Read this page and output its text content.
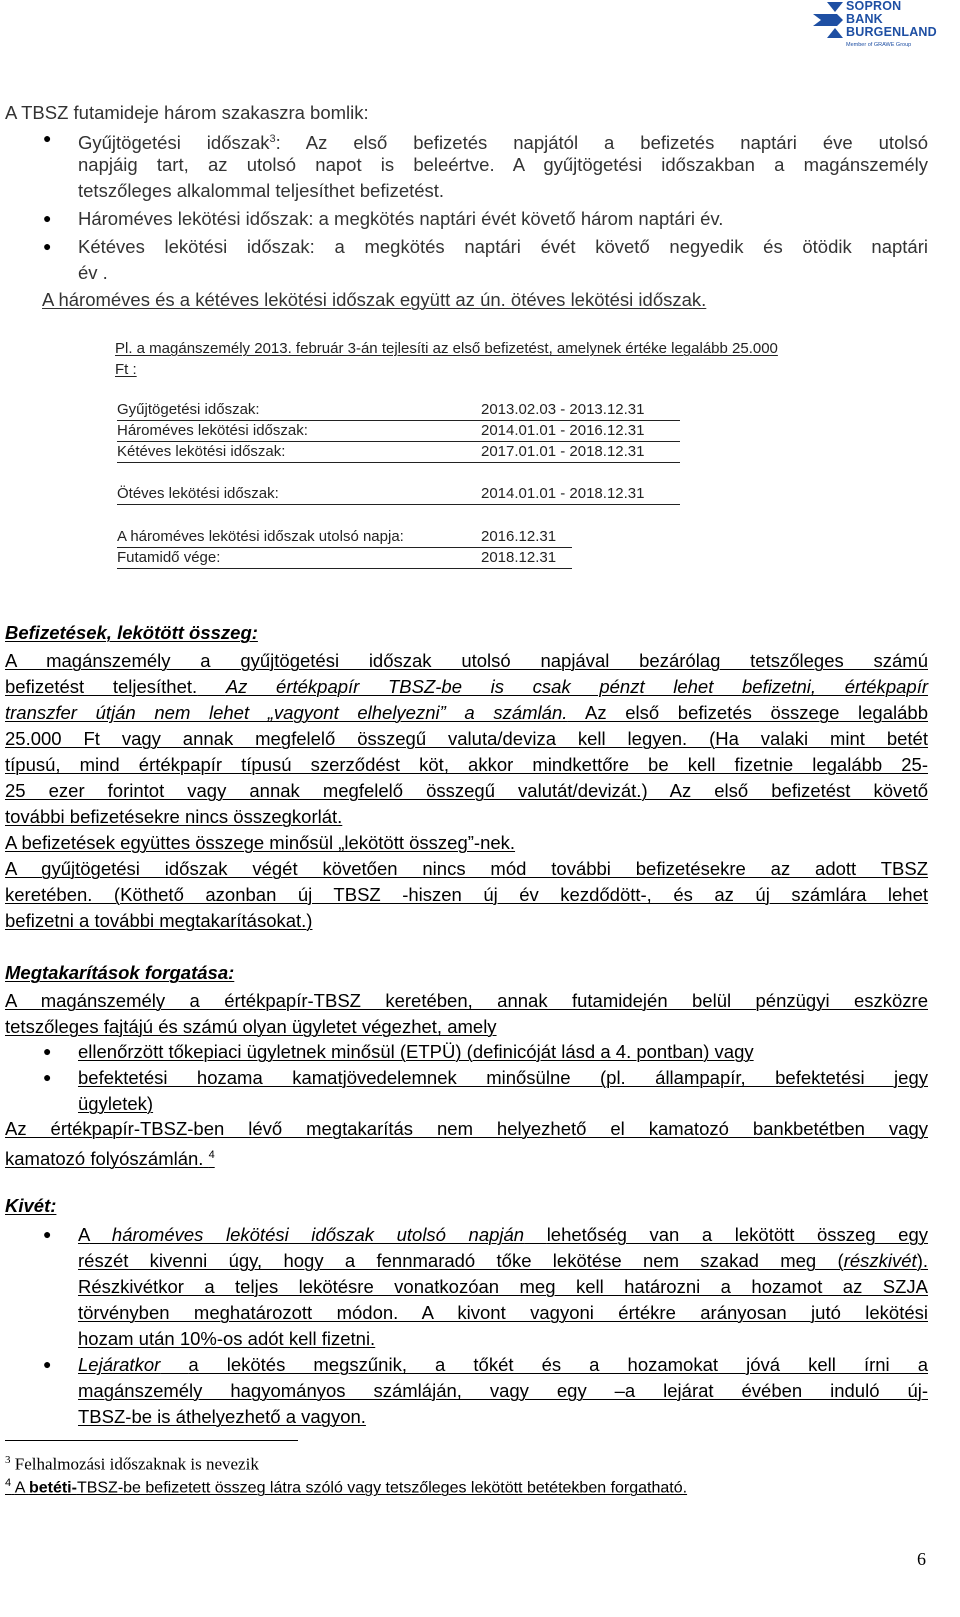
SOPRON
BANK
BURGENLAND
Member of GRAWE Group
A TBSZ futamideje három szakaszra bomlik:
● Gyűjtögetési időszak$^3$: Az első befizetés napjától a befizetés naptári éve utolsó
napjáig tart, az utolsó napot is beleértve. A gyűjtögetési időszakban a magánszemély
tetszőleges alkalommal teljesíthet befizetést.
● Hároméves lekötési időszak: a megkötés naptári évét követő három naptári év.
● Kétéves lekötési időszak: a megkötés naptári évét követő negyedik és ötödik naptári
év .
A hároméves és a kétéves lekötési időszak együtt az ún. ötéves lekötési időszak.
Pl. a magánszemély 2013. február 3-án tejlesíti az első befizetést, amelynek értéke legalább 25.000
Ft :
Gyűjtögetési időszak:	2013.02.03 - 2013.12.31
Hároméves lekötési időszak:	2014.01.01 - 2016.12.31
Kétéves lekötési időszak:	2017.01.01 - 2018.12.31
Ötéves lekötési időszak:	2014.01.01 - 2018.12.31
A hároméves lekötési időszak utolsó napja:	2016.12.31
Futamidő vége:	2018.12.31
Befizetések, lekötött összeg:
A magánszemély a gyűjtögetési időszak utolsó napjával bezárólag tetszőleges számú
befizetést teljesíthet. Az értékpapír TBSZ-be is csak pénzt lehet befizetni, értékpapír
transzfer útján nem lehet „vagyont elhelyezni” a számlán. Az első befizetés összege legalább
25.000 Ft vagy annak megfelelő összegű valuta/deviza kell legyen. (Ha valaki mint betét
típusú, mind értékpapír típusú szerződést köt, akkor mindkettőre be kell fizetnie legalább 25-
25 ezer forintot vagy annak megfelelő összegű valutát/devizát.) Az első befizetést követő
további befizetésekre nincs összegkorlát.
A befizetések együttes összege minősül „lekötött összeg”-nek.
A gyűjtögetési időszak végét követően nincs mód további befizetésekre az adott TBSZ
keretében. (Köthető azonban új TBSZ -hiszen új év kezdődött-, és az új számlára lehet
befizetni a további megtakarításokat.)
Megtakarítások forgatása:
A magánszemély a értékpapír-TBSZ keretében, annak futamidején belül pénzügyi eszközre
tetszőleges fajtájú és számú olyan ügyletet végezhet, amely
● ellenőrzött tőkepiaci ügyletnek minősül (ETPÜ) (definicóját lásd a 4. pontban) vagy
● befektetési hozama kamatjövedelemnek minősülne (pl. állampapír, befektetési jegy
ügyletek)
Az értékpapír-TBSZ-ben lévő megtakarítás nem helyezhető el kamatozó bankbetétben vagy
kamatozó folyószámlán. $^4$
Kivét:
● A hároméves lekötési időszak utolsó napján lehetőség van a lekötött összeg egy
részét kivenni úgy, hogy a fennmaradó tőke lekötése nem szakad meg (részkivét).
Részkivétkor a teljes lekötésre vonatkozóan meg kell határozni a hozamot az SZJA
törvényben meghatározott módon. A kivont vagyoni értékre arányosan jutó lekötési
hozam után 10%-os adót kell fizetni.
● Lejáratkor a lekötés megszűnik, a tőkét és a hozamokat jóvá kell írni a
magánszemély hagyományos számláján, vagy egy –a lejárat évében induló új-
TBSZ-be is áthelyezhető a vagyon.
$^3$ Felhalmozási időszaknak is nevezik
$^4$ A betéti-TBSZ-be befizetett összeg látra szóló vagy tetszőleges lekötött betétekben forgatható.
6
